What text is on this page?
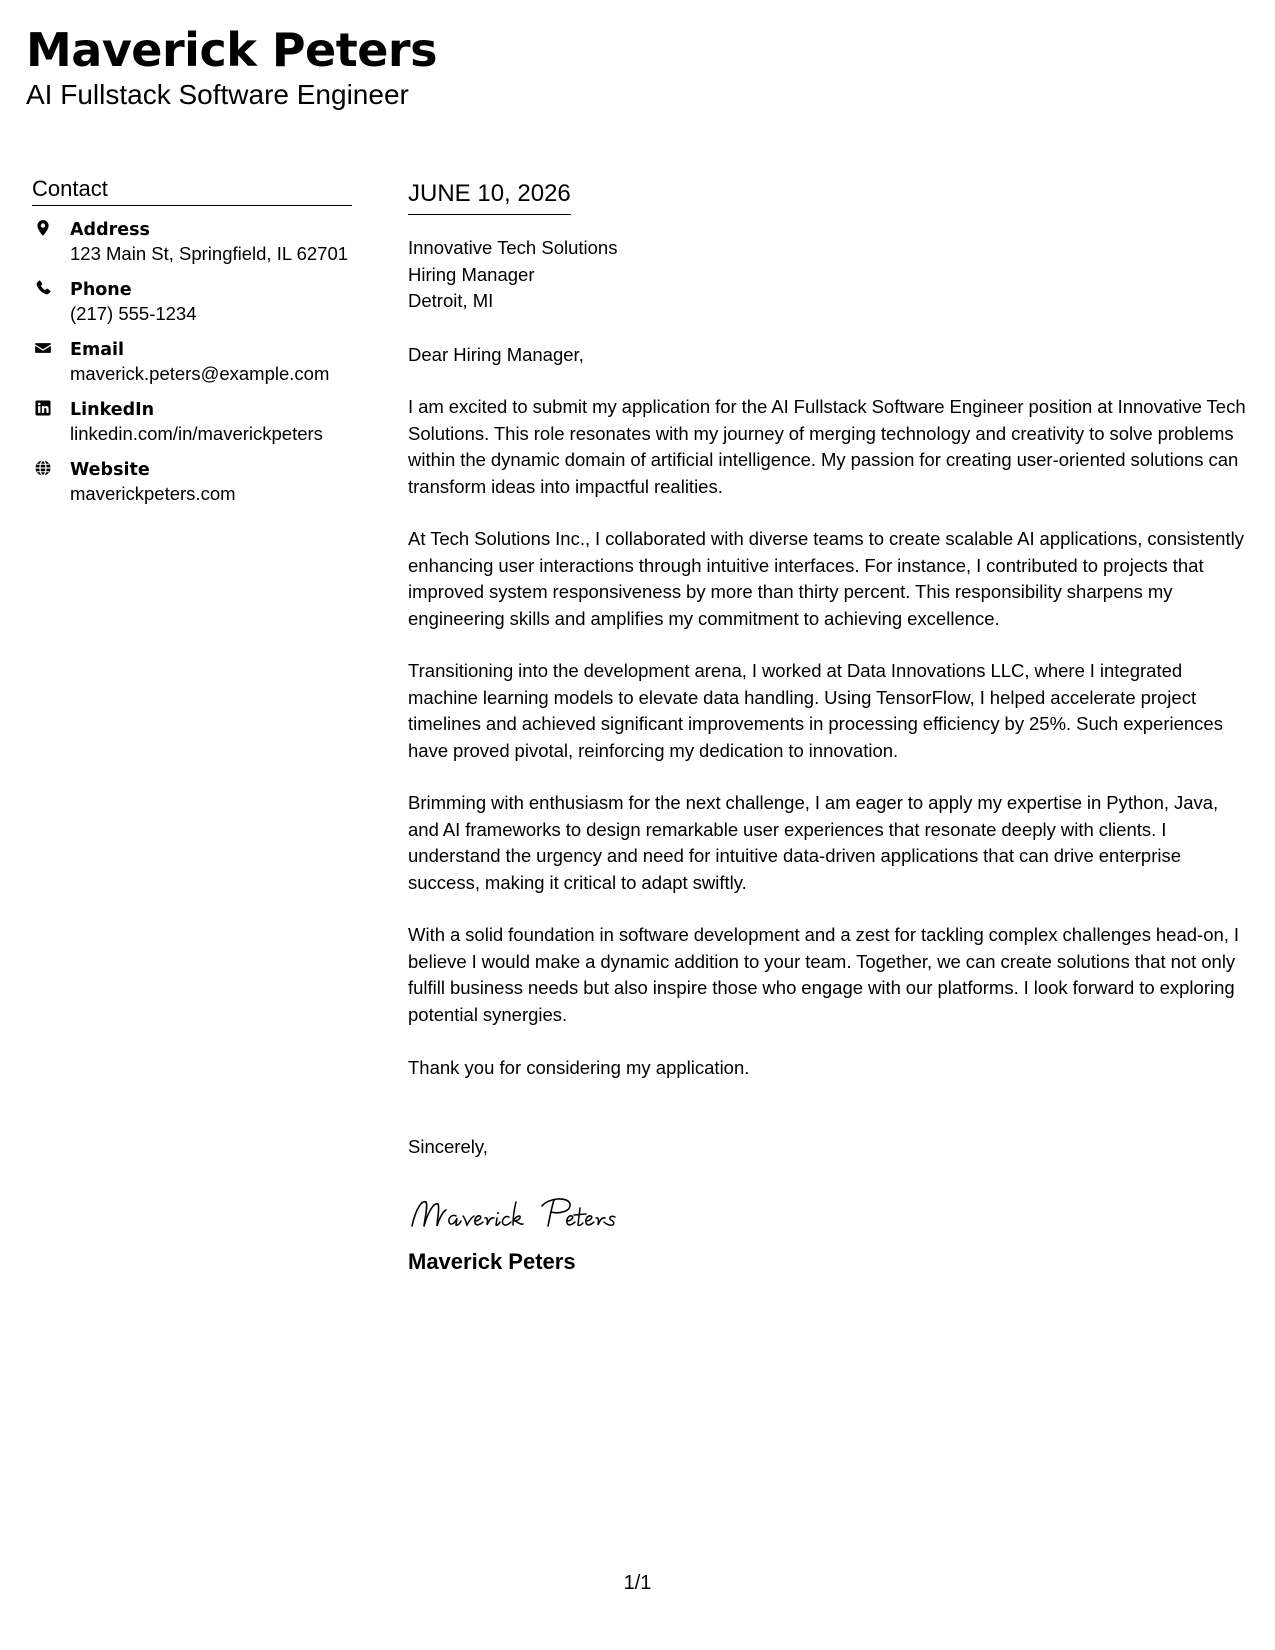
Maverick Peters
AI Fullstack Software Engineer
Contact
Address
123 Main St, Springfield, IL 62701
Phone
(217) 555-1234
Email
maverick.peters@example.com
LinkedIn
linkedin.com/in/maverickpeters
Website
maverickpeters.com
JUNE 10, 2026
Innovative Tech Solutions
Hiring Manager
Detroit, MI
Dear Hiring Manager,
I am excited to submit my application for the AI Fullstack Software Engineer position at Innovative Tech Solutions. This role resonates with my journey of merging technology and creativity to solve problems within the dynamic domain of artificial intelligence. My passion for creating user-oriented solutions can transform ideas into impactful realities.
At Tech Solutions Inc., I collaborated with diverse teams to create scalable AI applications, consistently enhancing user interactions through intuitive interfaces. For instance, I contributed to projects that improved system responsiveness by more than thirty percent. This responsibility sharpens my engineering skills and amplifies my commitment to achieving excellence.
Transitioning into the development arena, I worked at Data Innovations LLC, where I integrated machine learning models to elevate data handling. Using TensorFlow, I helped accelerate project timelines and achieved significant improvements in processing efficiency by 25%. Such experiences have proved pivotal, reinforcing my dedication to innovation.
Brimming with enthusiasm for the next challenge, I am eager to apply my expertise in Python, Java, and AI frameworks to design remarkable user experiences that resonate deeply with clients. I understand the urgency and need for intuitive data-driven applications that can drive enterprise success, making it critical to adapt swiftly.
With a solid foundation in software development and a zest for tackling complex challenges head-on, I believe I would make a dynamic addition to your team. Together, we can create solutions that not only fulfill business needs but also inspire those who engage with our platforms. I look forward to exploring potential synergies.
Thank you for considering my application.
Sincerely,
Maverick Peters
1/1
